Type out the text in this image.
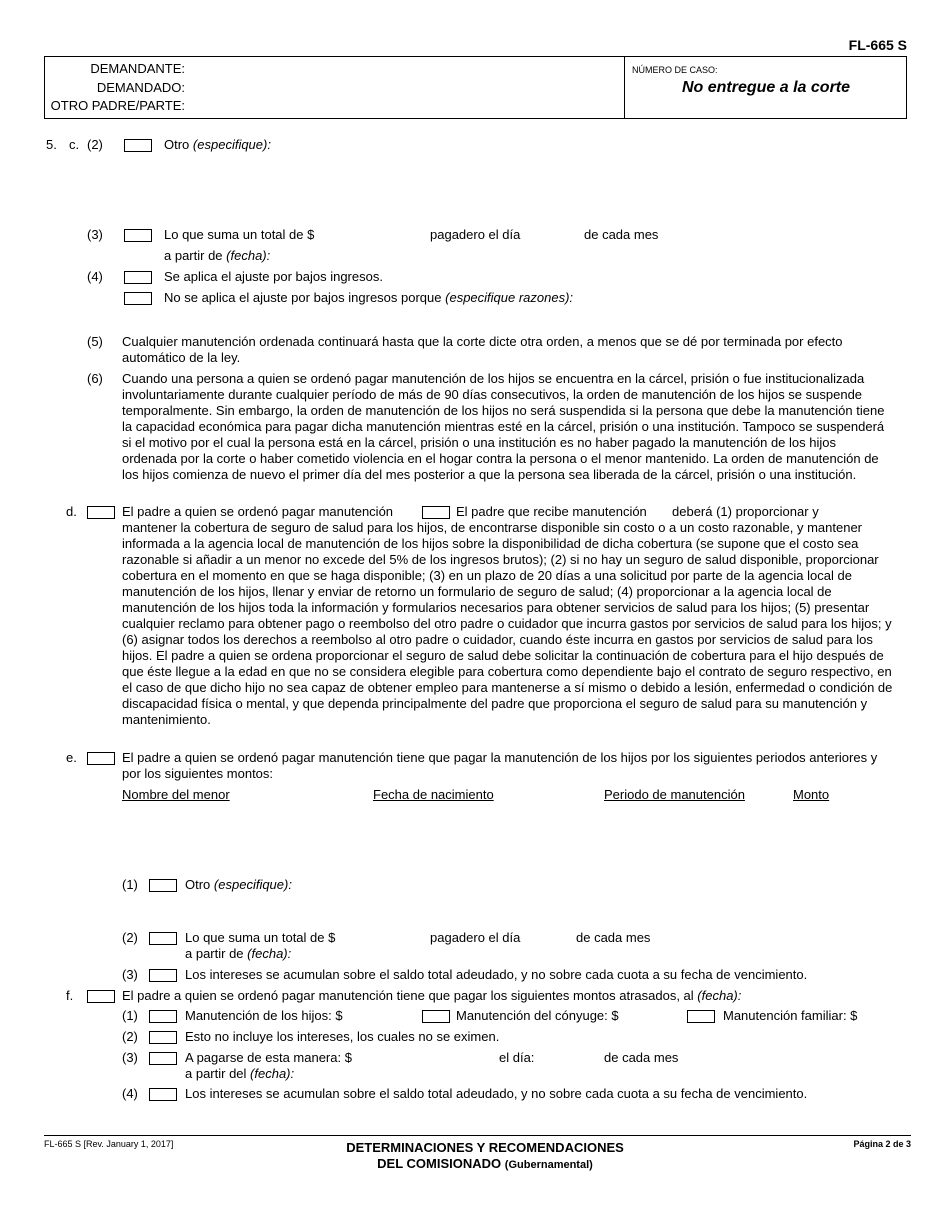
FL-665 S
DEMANDANTE:
DEMANDADO:
OTRO PADRE/PARTE:
NÚMERO DE CASO:
No entregue a la corte
5. c. (2)	Otro (especifique):
(3)	Lo que suma un total de $	pagadero el día	de cada mes
a partir de (fecha):
(4)	Se aplica el ajuste por bajos ingresos.
No se aplica el ajuste por bajos ingresos porque (especifique razones):
(5) Cualquier manutención ordenada continuará hasta que la corte dicte otra orden, a menos que se dé por terminada por efecto automático de la ley.
(6) Cuando una persona a quien se ordenó pagar manutención de los hijos se encuentra en la cárcel, prisión o fue institucionalizada involuntariamente durante cualquier período de más de 90 días consecutivos, la orden de manutención de los hijos se suspende temporalmente. Sin embargo, la orden de manutención de los hijos no será suspendida si la persona que debe la manutención tiene la capacidad económica para pagar dicha manutención mientras esté en la cárcel, prisión o una institución. Tampoco se suspenderá si el motivo por el cual la persona está en la cárcel, prisión o una institución es no haber pagado la manutención de los hijos ordenada por la corte o haber cometido violencia en el hogar contra la persona o el menor mantenido. La orden de manutención de los hijos comienza de nuevo el primer día del mes posterior a que la persona sea liberada de la cárcel, prisión o una institución.
d.	El padre a quien se ordenó pagar manutención	El padre que recibe manutención deberá (1) proporcionar y
mantener la cobertura de seguro de salud para los hijos, de encontrarse disponible sin costo o a un costo razonable, y mantener informada a la agencia local de manutención de los hijos sobre la disponibilidad de dicha cobertura (se supone que el costo sea razonable si añadir a un menor no excede del 5% de los ingresos brutos); (2) si no hay un seguro de salud disponible, proporcionar cobertura en el momento en que se haga disponible; (3) en un plazo de 20 días a una solicitud por parte de la agencia local de manutención de los hijos, llenar y enviar de retorno un formulario de seguro de salud; (4) proporcionar a la agencia local de manutención de los hijos toda la información y formularios necesarios para obtener servicios de salud para los hijos; (5) presentar cualquier reclamo para obtener pago o reembolso del otro padre o cuidador que incurra gastos por servicios de salud para los hijos; y (6) asignar todos los derechos a reembolso al otro padre o cuidador, cuando éste incurra en gastos por servicios de salud para los hijos. El padre a quien se ordena proporcionar el seguro de salud debe solicitar la continuación de cobertura para el hijo después de que éste llegue a la edad en que no se considera elegible para cobertura como dependiente bajo el contrato de seguro respectivo, en el caso de que dicho hijo no sea capaz de obtener empleo para mantenerse a sí mismo o debido a lesión, enfermedad o condición de discapacidad física o mental, y que dependa principalmente del padre que proporciona el seguro de salud para su manutención y mantenimiento.
e.	El padre a quien se ordenó pagar manutención tiene que pagar la manutención de los hijos por los siguientes periodos anteriores y por los siguientes montos:
Nombre del menor	Fecha de nacimiento	Periodo de manutención	Monto
(1)	Otro (especifique):
(2)	Lo que suma un total de $	pagadero el día	de cada mes
a partir de (fecha):
(3)	Los intereses se acumulan sobre el saldo total adeudado, y no sobre cada cuota a su fecha de vencimiento.
f.	El padre a quien se ordenó pagar manutención tiene que pagar los siguientes montos atrasados, al (fecha):
(1)	Manutención de los hijos: $	Manutención del cónyuge: $	Manutención familiar: $
(2)	Esto no incluye los intereses, los cuales no se eximen.
(3)	A pagarse de esta manera: $	el día:	de cada mes
a partir del (fecha):
(4)	Los intereses se acumulan sobre el saldo total adeudado, y no sobre cada cuota a su fecha de vencimiento.
FL-665 S [Rev. January 1, 2017]	DETERMINACIONES Y RECOMENDACIONES
DEL COMISIONADO (Gubernamental)
Página 2 de 3
